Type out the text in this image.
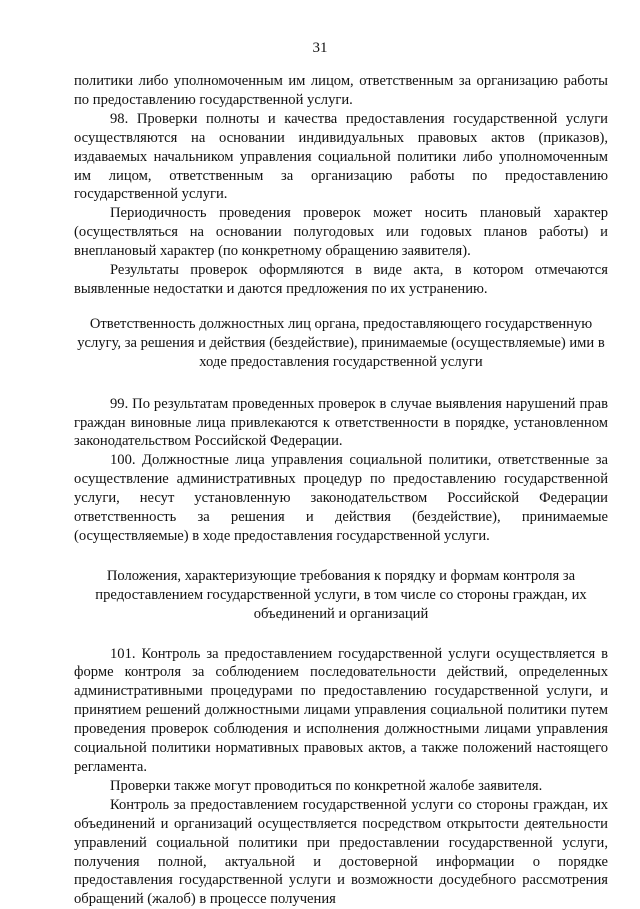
31

политики либо уполномоченным им лицом, ответственным за организацию работы по предоставлению государственной услуги.

98. Проверки полноты и качества предоставления государственной услуги осуществляются на основании индивидуальных правовых актов (приказов), издаваемых начальником управления социальной политики либо уполномоченным им лицом, ответственным за организацию работы по предоставлению государственной услуги.

Периодичность проведения проверок может носить плановый характер (осуществляться на основании полугодовых или годовых планов работы) и внеплановый характер (по конкретному обращению заявителя).

Результаты проверок оформляются в виде акта, в котором отмечаются выявленные недостатки и даются предложения по их устранению.

Ответственность должностных лиц органа, предоставляющего государственную услугу, за решения и действия (бездействие), принимаемые (осуществляемые) ими в ходе предоставления государственной услуги

99. По результатам проведенных проверок в случае выявления нарушений прав граждан виновные лица привлекаются к ответственности в порядке, установленном законодательством Российской Федерации.

100. Должностные лица управления социальной политики, ответственные за осуществление административных процедур по предоставлению государственной услуги, несут установленную законодательством Российской Федерации ответственность за решения и действия (бездействие), принимаемые (осуществляемые) в ходе предоставления государственной услуги.

Положения, характеризующие требования к порядку и формам контроля за предоставлением государственной услуги, в том числе со стороны граждан, их объединений и организаций

101. Контроль за предоставлением государственной услуги осуществляется в форме контроля за соблюдением последовательности действий, определенных административными процедурами по предоставлению государственной услуги, и принятием решений должностными лицами управления социальной политики путем проведения проверок соблюдения и исполнения должностными лицами управления социальной политики нормативных правовых актов, а также положений настоящего регламента.

Проверки также могут проводиться по конкретной жалобе заявителя.

Контроль за предоставлением государственной услуги со стороны граждан, их объединений и организаций осуществляется посредством открытости деятельности управлений социальной политики при предоставлении государственной услуги, получения полной, актуальной и достоверной информации о порядке предоставления государственной услуги и возможности досудебного рассмотрения обращений (жалоб) в процессе получения
